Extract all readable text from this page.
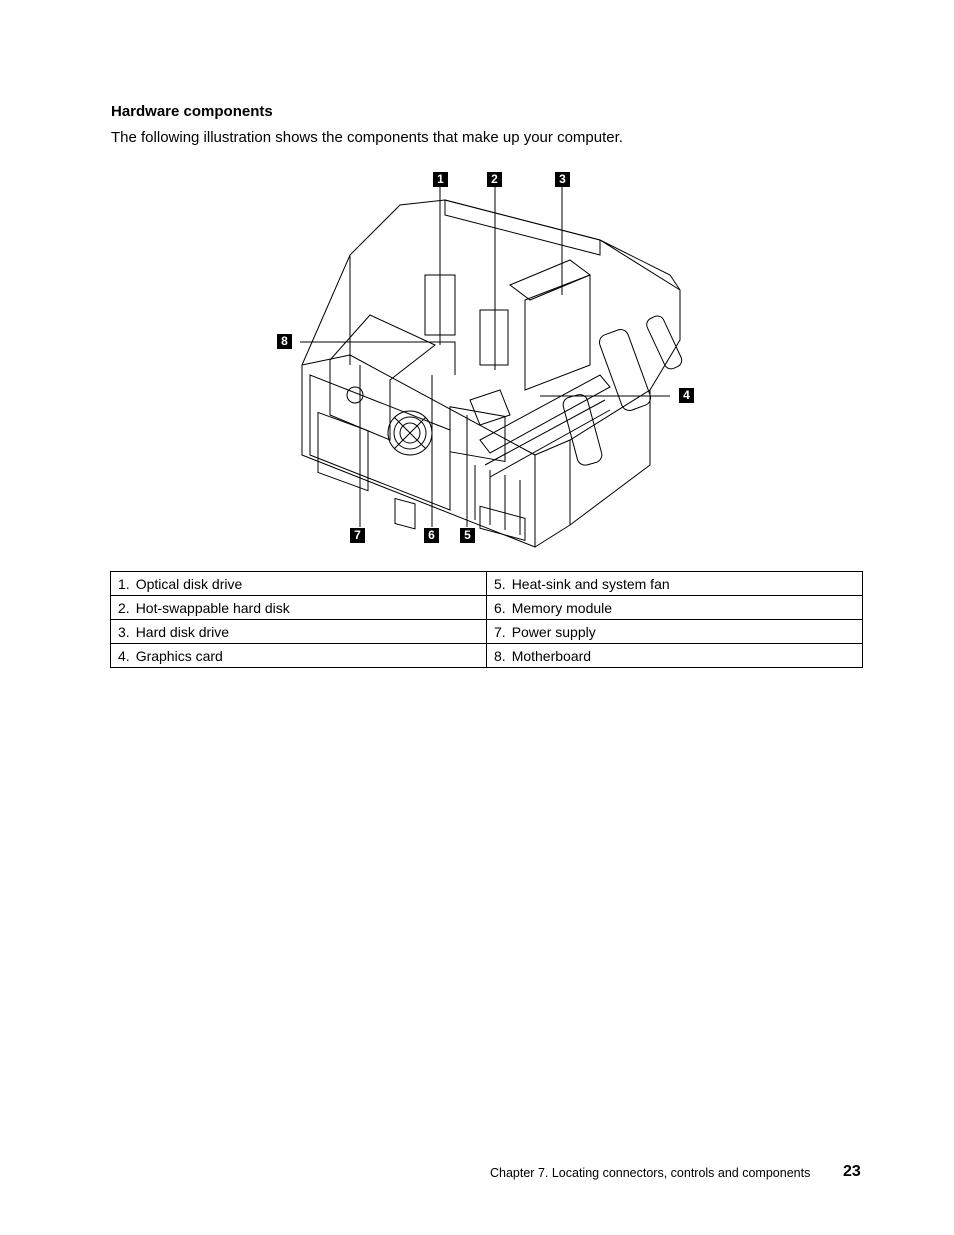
Hardware components

The following illustration shows the components that make up your computer.

1	2	3
4
5
6
7
8
1. Optical disk drive	5. Heat-sink and system fan
2. Hot-swappable hard disk	6. Memory module
3. Hard disk drive	7. Power supply
4. Graphics card	8. Motherboard
Chapter 7. Locating connectors, controls and components 23
